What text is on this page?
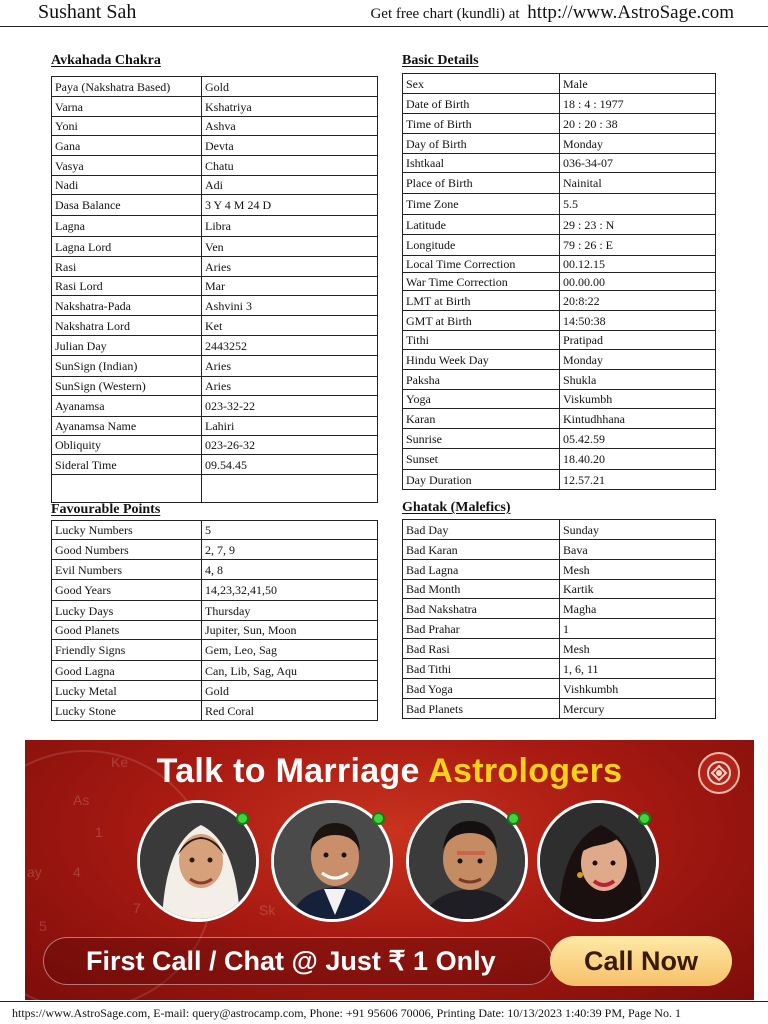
Sushant Sah	Get free chart (kundli) at http://www.AstroSage.com
Avkahada Chakra	Basic Details
Favourable Points	Ghatak (Malefics)
Paya (Nakshatra Based)	Gold
Varna	Kshatriya
Yoni	Ashva
Gana	Devta
Vasya	Chatu
Nadi	Adi
Dasa Balance	3 Y 4 M 24 D
Lagna	Libra
Lagna Lord	Ven
Rasi	Aries
Rasi Lord	Mar
Nakshatra-Pada	Ashvini 3
Nakshatra Lord	Ket
Julian Day	2443252
SunSign (Indian)	Aries
SunSign (Western)	Aries
Ayanamsa	023-32-22
Ayanamsa Name	Lahiri
Obliquity	023-26-32
Sideral Time	09.54.45

Sex	Male
Date of Birth	18 : 4 : 1977
Time of Birth	20 : 20 : 38
Day of Birth	Monday
Ishtkaal	036-34-07
Place of Birth	Nainital
Time Zone	5.5
Latitude	29 : 23 : N
Longitude	79 : 26 : E
Local Time Correction	00.12.15
War Time Correction	00.00.00
LMT at Birth	20:8:22
GMT at Birth	14:50:38
Tithi	Pratipad
Hindu Week Day	Monday
Paksha	Shukla
Yoga	Viskumbh
Karan	Kintudhhana
Sunrise	05.42.59
Sunset	18.40.20
Day Duration	12.57.21
Lucky Numbers	5
Good Numbers	2, 7, 9
Evil Numbers	4, 8
Good Years	14,23,32,41,50
Lucky Days	Thursday
Good Planets	Jupiter, Sun, Moon
Friendly Signs	Gem, Leo, Sag
Good Lagna	Can, Lib, Sag, Aqu
Lucky Metal	Gold
Lucky Stone	Red Coral
Bad Day	Sunday
Bad Karan	Bava
Bad Lagna	Mesh
Bad Month	Kartik
Bad Nakshatra	Magha
Bad Prahar	1
Bad Rasi	Mesh
Bad Tithi	1, 6, 11
Bad Yoga	Vishkumbh
Bad Planets	Mercury
Ke
As
1
4
7	Sk
5
ay
Talk to Marriage Astrologers
First Call / Chat @ Just ₹ 1 Only	Call Now
https://www.AstroSage.com, E-mail: query@astrocamp.com, Phone: +91 95606 70006, Printing Date: 10/13/2023 1:40:39 PM, Page No. 1
